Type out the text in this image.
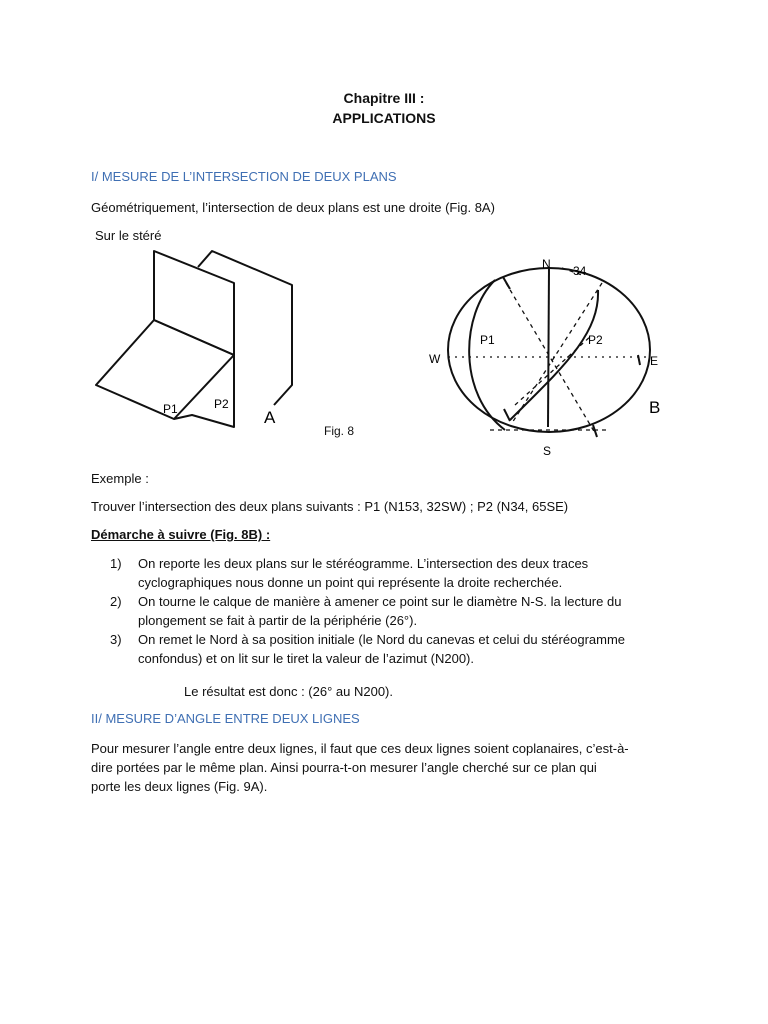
Chapitre III :
APPLICATIONS
I/ MESURE DE L’INTERSECTION DE DEUX PLANS
Géométriquement, l’intersection de deux plans est une droite (Fig. 8A)
Sur le stéré
P1	P2
A
Fig. 8
N 34
S
W	E
P1	P2
B
Exemple :
Trouver l’intersection des deux plans suivants : P1 (N153, 32SW) ; P2 (N34, 65SE)
Démarche à suivre (Fig. 8B) :
1) On reporte les deux plans sur le stéréogramme. L’intersection des deux traces cyclographiques nous donne un point qui représente la droite recherchée.
2) On tourne le calque de manière à amener ce point sur le diamètre N-S. la lecture du plongement se fait à partir de la périphérie (26°).
3) On remet le Nord à sa position initiale (le Nord du canevas et celui du stéréogramme confondus) et on lit sur le tiret la valeur de l’azimut (N200).
Le résultat est donc : (26° au N200).
II/ MESURE D’ANGLE ENTRE DEUX LIGNES
Pour mesurer l’angle entre deux lignes, il faut que ces deux lignes soient coplanaires, c’est-à-
dire portées par le même plan. Ainsi pourra-t-on mesurer l’angle cherché sur ce plan qui
porte les deux lignes (Fig. 9A).
